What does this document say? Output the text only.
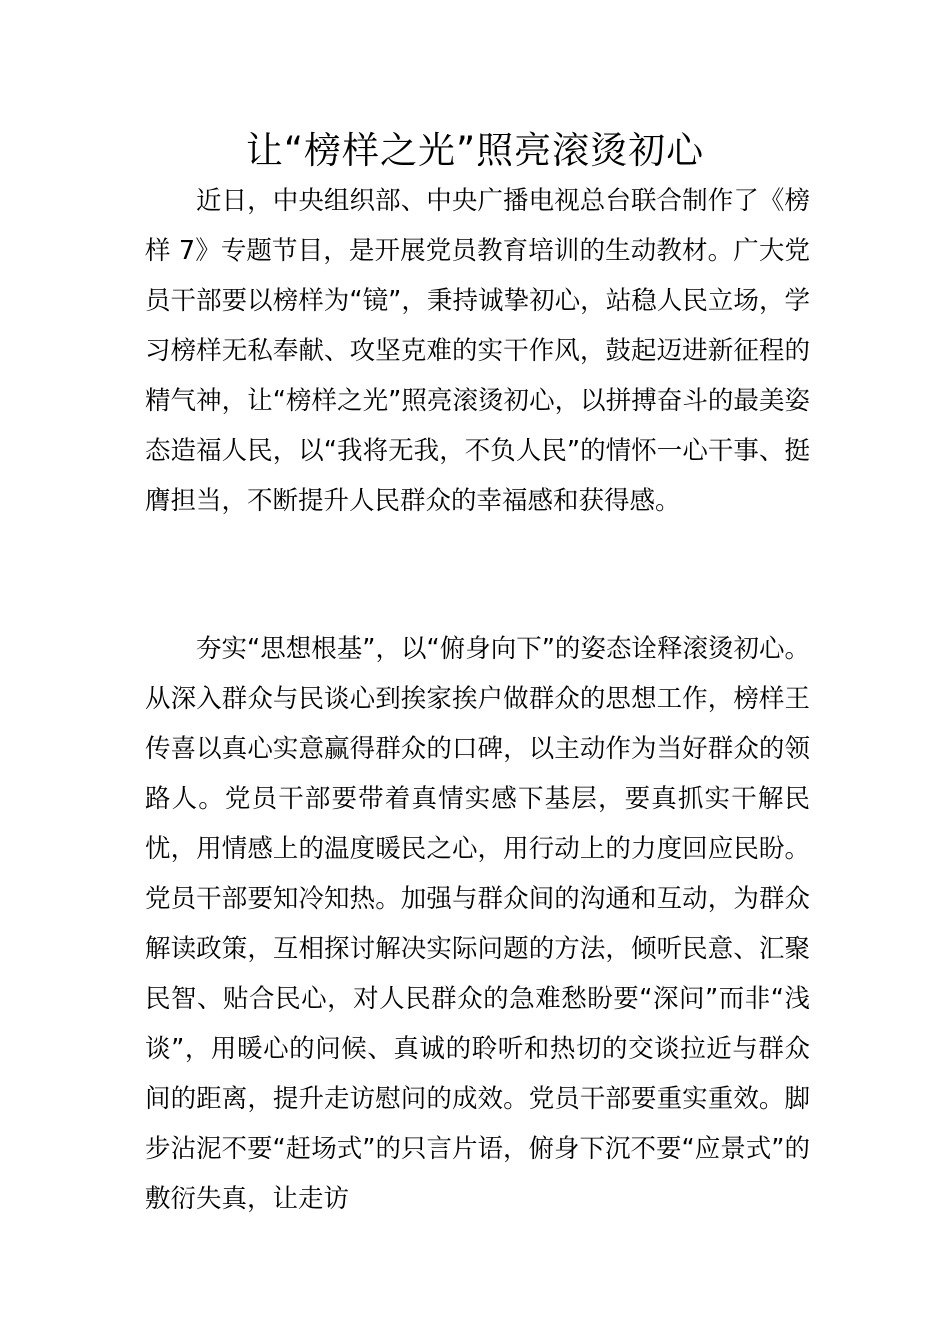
让“榜样之光”照亮滚烫初心

近日，中央组织部、中央广播电视总台联合制作了《榜样 7》专题节目，是开展党员教育培训的生动教材。广大党员干部要以榜样为“镜”，秉持诚挚初心，站稳人民立场，学习榜样无私奉献、攻坚克难的实干作风，鼓起迈进新征程的精气神，让“榜样之光”照亮滚烫初心，以拼搏奋斗的最美姿态造福人民，以“我将无我，不负人民”的情怀一心干事、挺膺担当，不断提升人民群众的幸福感和获得感。

夯实“思想根基”，以“俯身向下”的姿态诠释滚烫初心。从深入群众与民谈心到挨家挨户做群众的思想工作，榜样王传喜以真心实意赢得群众的口碑，以主动作为当好群众的领路人。党员干部要带着真情实感下基层，要真抓实干解民忧，用情感上的温度暖民之心，用行动上的力度回应民盼。党员干部要知冷知热。加强与群众间的沟通和互动，为群众解读政策，互相探讨解决实际问题的方法，倾听民意、汇聚民智、贴合民心，对人民群众的急难愁盼要“深问”而非“浅谈”，用暖心的问候、真诚的聆听和热切的交谈拉近与群众间的距离，提升走访慰问的成效。党员干部要重实重效。脚步沾泥不要“赶场式”的只言片语，俯身下沉不要“应景式”的敷衍失真，让走访
